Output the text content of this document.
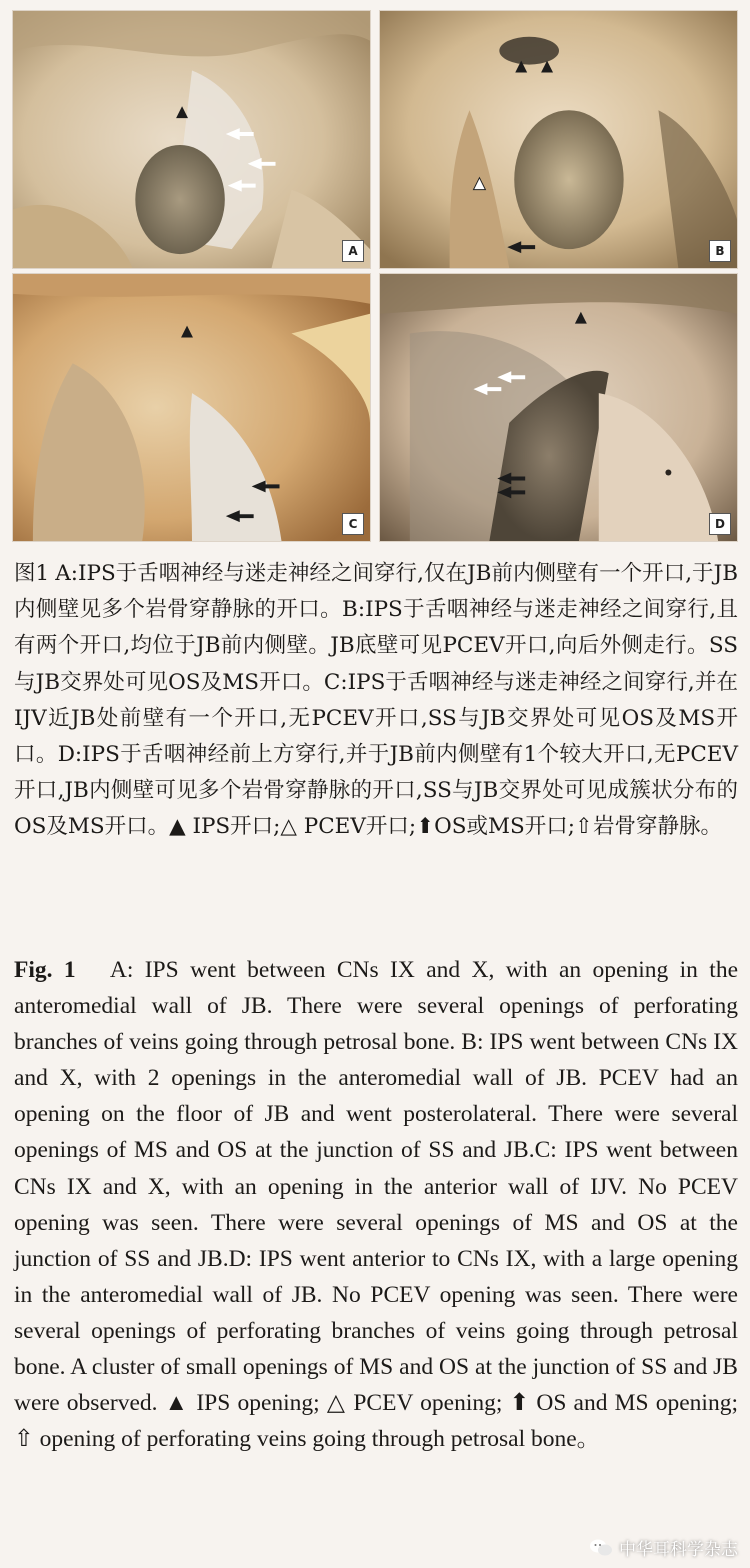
A	B
C	D

图1 A:IPS于舌咽神经与迷走神经之间穿行,仅在JB前内侧壁有一个开口,于JB内侧壁见多个岩骨穿静脉的开口。B:IPS于舌咽神经与迷走神经之间穿行,且有两个开口,均位于JB前内侧壁。JB底壁可见PCEV开口,向后外侧走行。SS与JB交界处可见OS及MS开口。C:IPS于舌咽神经与迷走神经之间穿行,并在IJV近JB处前壁有一个开口,无PCEV开口,SS与JB交界处可见OS及MS开口。D:IPS于舌咽神经前上方穿行,并于JB前内侧壁有1个较大开口,无PCEV开口,JB内侧壁可见多个岩骨穿静脉的开口,SS与JB交界处可见成簇状分布的OS及MS开口。▲ IPS开口;△ PCEV开口;⬆OS或MS开口;⇧岩骨穿静脉。

Fig. 1 A: IPS went between CNs IX and X, with an opening in the anteromedial wall of JB. There were several openings of perforating branches of veins going through petrosal bone. B: IPS went between CNs IX and X, with 2 openings in the anteromedial wall of JB. PCEV had an opening on the floor of JB and went posterolateral. There were several openings of MS and OS at the junction of SS and JB.C: IPS went between CNs IX and X, with an opening in the anterior wall of IJV. No PCEV opening was seen. There were several openings of MS and OS at the junction of SS and JB.D: IPS went anterior to CNs IX, with a large opening in the anteromedial wall of JB. No PCEV opening was seen. There were several openings of perforating branches of veins going through petrosal bone. A cluster of small openings of MS and OS at the junction of SS and JB were observed. ▲ IPS opening; △ PCEV opening; ⬆ OS and MS opening; ⇧ opening of perforating veins going through petrosal bone。

中华耳科学杂志
